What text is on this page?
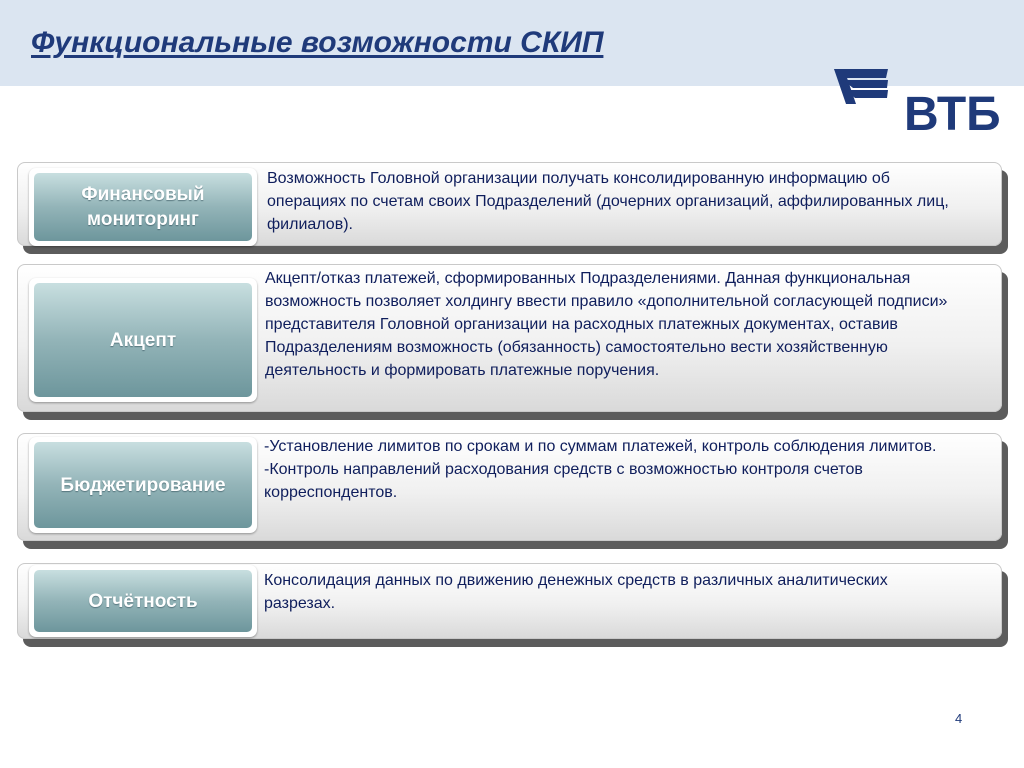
Функциональные возможности СКИП
ВТБ
Финансовый мониторинг

Возможность Головной организации получать консолидированную информацию об операциях по счетам своих Подразделений (дочерних организаций, аффилированных лиц, филиалов).

Акцепт

Акцепт/отказ платежей, сформированных Подразделениями. Данная функциональная возможность позволяет холдингу ввести правило «дополнительной согласующей подписи» представителя Головной организации на расходных платежных документах, оставив Подразделениям возможность (обязанность) самостоятельно вести хозяйственную деятельность и формировать платежные поручения.

Бюджетирование

-Установление лимитов по срокам и по суммам платежей, контроль соблюдения лимитов.

-Контроль направлений расходования средств с возможностью контроля счетов корреспондентов.

Отчётность

Консолидация данных по движению денежных средств в различных аналитических разрезах.

4
